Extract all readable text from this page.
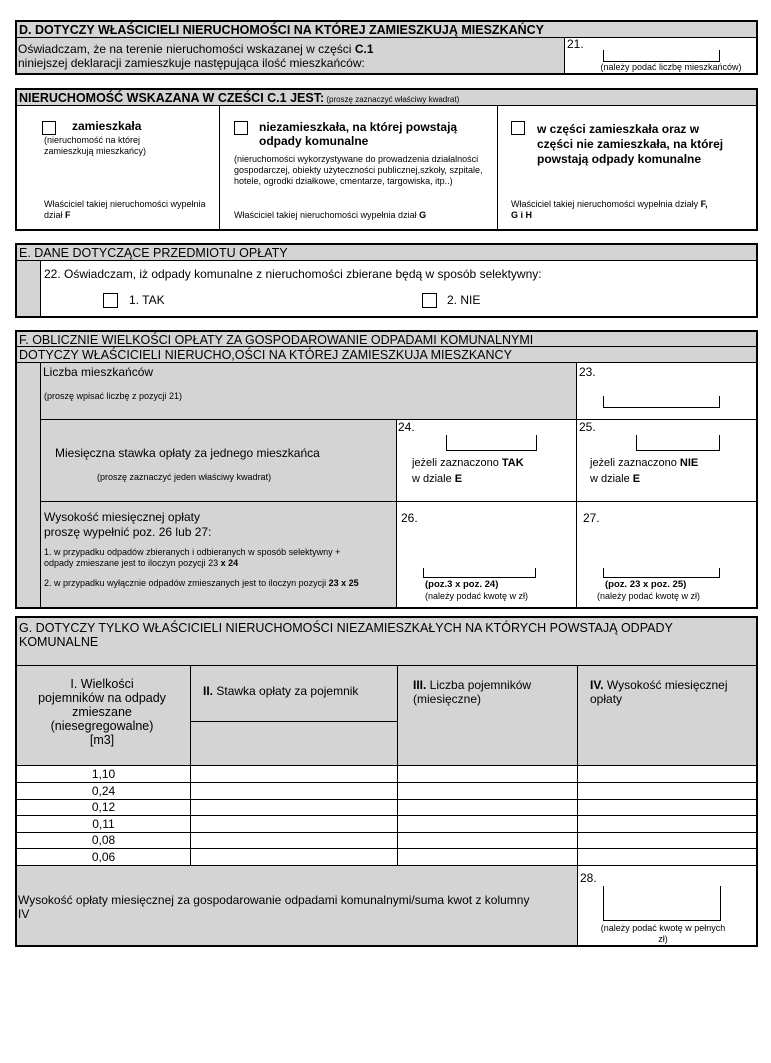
D. DOTYCZY WŁAŚCICIELI NIERUCHOMOŚCI NA KTÓREJ ZAMIESZKUJĄ MIESZKAŃCY
Oświadczam, że na terenie nieruchomości wskazanej w części C.1
niniejszej deklaracji zamieszkuje następująca ilość mieszkańców:
21.
(należy podać liczbę mieszkańców)
NIERUCHOMOŚĆ WSKAZANA W CZEŚCI C.1 JEST: (proszę zaznaczyć właściwy kwadrat)
zamieszkała
(nieruchomość na której zamieszkują mieszkańcy)
Właściciel takiej nieruchomości wypełnia dział F
niezamieszkała, na której powstają odpady komunalne
(nieruchomości wykorzystywane do prowadzenia działalności gospodarczej, obiekty użyteczności publicznej,szkoły, szpitale, hotele, ogrodki działkowe, cmentarze, targowiska, itp..)
Właściciel takiej nieruchomości wypełnia dział G
w części zamieszkała oraz w części nie zamieszkała, na której powstają odpady komunalne
Właściciel takiej nieruchomości wypełnia działy F, G i H
E. DANE DOTYCZĄCE PRZEDMIOTU OPŁATY
22. Oświadczam, iż odpady komunalne z nieruchomości zbierane będą w sposób selektywny:
1. TAK	2. NIE
F. OBLICZNIE WIELKOŚCI OPŁATY ZA GOSPODAROWANIE ODPADAMI KOMUNALNYMI
DOTYCZY WŁAŚCICIELI NIERUCHO,OŚCI NA KTÓREJ ZAMIESZKUJA MIESZKANCY
Liczba mieszkańców
(proszę wpisać liczbę z pozycji 21)
23.
Miesięczna stawka opłaty za jednego mieszkańca
(proszę zaznaczyć jeden właściwy kwadrat)
24.
jeżeli zaznaczono TAK
w dziale E
25.
jeżeli zaznaczono NIE
w dziale E
Wysokość miesięcznej opłaty
proszę wypełnić poz. 26 lub 27:
1. w przypadku odpadów zbieranych i odbieranych w sposób selektywny + odpady zmieszane jest to iloczyn pozycji 23 x 24
2. w przypadku wyłącznie odpadów zmieszanych jest to iloczyn pozycji 23 x 25
26.
(poz.3 x poz. 24)
(należy podać kwotę w zł)
27.
(poz. 23 x poz. 25)
(należy podać kwotę w zł)
G. DOTYCZY TYLKO WŁAŚCICIELI NIERUCHOMOŚCI NIEZAMIESZKAŁYCH NA KTÓRYCH POWSTAJĄ ODPADY KOMUNALNE
I. Wielkości pojemników na odpady zmieszane (niesegregowalne) [m3]
II. Stawka opłaty za pojemnik	III. Liczba pojemników (miesięczne)
IV. Wysokość miesięcznej opłaty
Wysokość opłaty miesięcznej za gospodarowanie odpadami komunalnymi/suma kwot z kolumny IV
28.
(należy podać kwotę w pełnych zł)
1,10
0,24
0,12
0,11
0,08
0,06
